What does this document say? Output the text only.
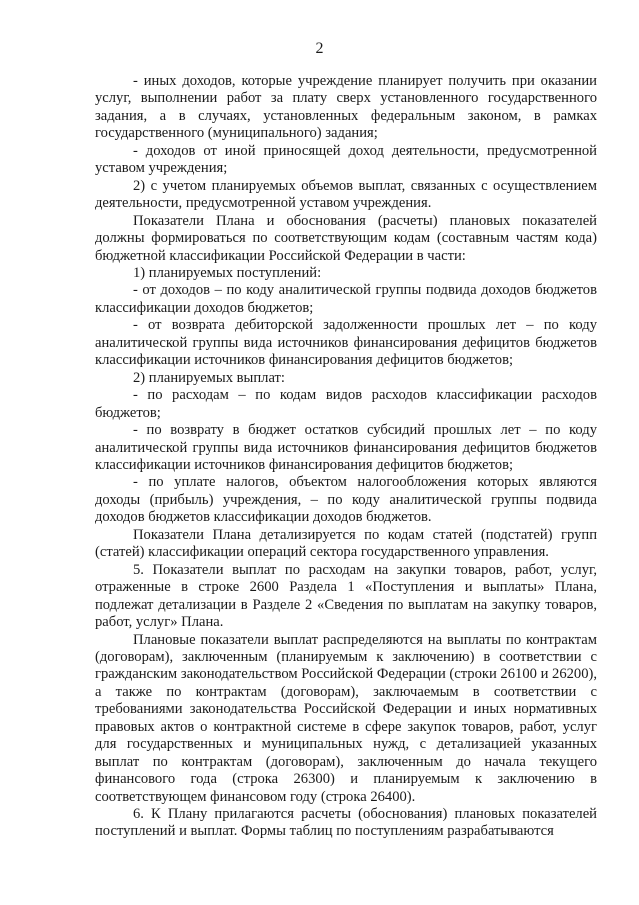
2

- иных доходов, которые учреждение планирует получить при оказании услуг, выполнении работ за плату сверх установленного государственного задания, а в случаях, установленных федеральным законом, в рамках государственного (муниципального) задания;

- доходов от иной приносящей доход деятельности, предусмотренной уставом учреждения;

2) с учетом планируемых объемов выплат, связанных с осуществлением деятельности, предусмотренной уставом учреждения.

Показатели Плана и обоснования (расчеты) плановых показателей должны формироваться по соответствующим кодам (составным частям кода) бюджетной классификации Российской Федерации в части:

1) планируемых поступлений:

- от доходов – по коду аналитической группы подвида доходов бюджетов классификации доходов бюджетов;

- от возврата дебиторской задолженности прошлых лет – по коду аналитической группы вида источников финансирования дефицитов бюджетов классификации источников финансирования дефицитов бюджетов;

2) планируемых выплат:

- по расходам – по кодам видов расходов классификации расходов бюджетов;

- по возврату в бюджет остатков субсидий прошлых лет – по коду аналитической группы вида источников финансирования дефицитов бюджетов классификации источников финансирования дефицитов бюджетов;

- по уплате налогов, объектом налогообложения которых являются доходы (прибыль) учреждения, – по коду аналитической группы подвида доходов бюджетов классификации доходов бюджетов.

Показатели Плана детализируется по кодам статей (подстатей) групп (статей) классификации операций сектора государственного управления.

5. Показатели выплат по расходам на закупки товаров, работ, услуг, отраженные в строке 2600 Раздела 1 «Поступления и выплаты» Плана, подлежат детализации в Разделе 2 «Сведения по выплатам на закупку товаров, работ, услуг» Плана.

Плановые показатели выплат распределяются на выплаты по контрактам (договорам), заключенным (планируемым к заключению) в соответствии с гражданским законодательством Российской Федерации (строки 26100 и 26200), а также по контрактам (договорам), заключаемым в соответствии с требованиями законодательства Российской Федерации и иных нормативных правовых актов о контрактной системе в сфере закупок товаров, работ, услуг для государственных и муниципальных нужд, с детализацией указанных выплат по контрактам (договорам), заключенным до начала текущего финансового года (строка 26300) и планируемым к заключению в соответствующем финансовом году (строка 26400).

6. К Плану прилагаются расчеты (обоснования) плановых показателей поступлений и выплат. Формы таблиц по поступлениям разрабатываются
